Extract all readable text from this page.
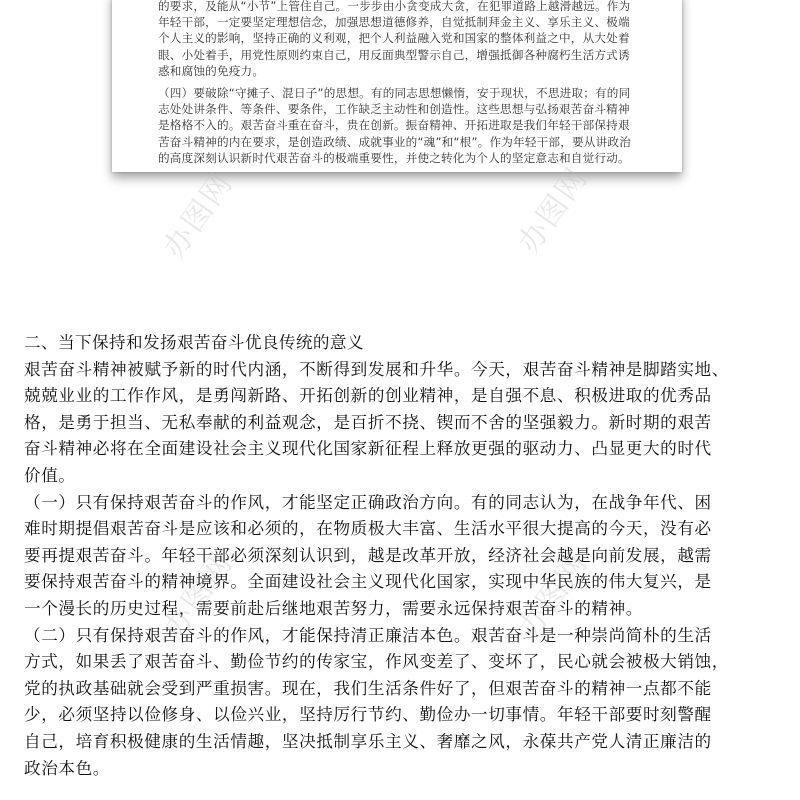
的要求，及能从“小节”上管住自己。一步步由小贪变成大贪，在犯罪道路上越滑越远。作为

年轻干部，一定要坚定理想信念，加强思想道德修养，自觉抵制拜金主义、享乐主义、极端

个人主义的影响，坚持正确的义利观，把个人利益融入党和国家的整体利益之中，从大处着

眼、小处着手，用党性原则约束自己，用反面典型警示自己，增强抵御各种腐朽生活方式诱

惑和腐蚀的免疫力。

（四）要破除“守摊子、混日子”的思想。有的同志思想懒惰，安于现状，不思进取；有的同

志处处讲条件、等条件、要条件，工作缺乏主动性和创造性。这些思想与弘扬艰苦奋斗精神

是格格不入的。艰苦奋斗重在奋斗，贵在创新。振奋精神、开拓进取是我们年轻干部保持艰

苦奋斗精神的内在要求，是创造政绩、成就事业的“魂”和“根”。作为年轻干部，要从讲政治

的高度深刻认识新时代艰苦奋斗的极端重要性，并使之转化为个人的坚定意志和自觉行动。

办图网	办图网
办图网	办图网

二、当下保持和发扬艰苦奋斗优良传统的意义

艰苦奋斗精神被赋予新的时代内涵，不断得到发展和升华。今天，艰苦奋斗精神是脚踏实地、

兢兢业业的工作作风，是勇闯新路、开拓创新的创业精神，是自强不息、积极进取的优秀品

格，是勇于担当、无私奉献的利益观念，是百折不挠、锲而不舍的坚强毅力。新时期的艰苦

奋斗精神必将在全面建设社会主义现代化国家新征程上释放更强的驱动力、凸显更大的时代

价值。

（一）只有保持艰苦奋斗的作风，才能坚定正确政治方向。有的同志认为，在战争年代、困

难时期提倡艰苦奋斗是应该和必须的，在物质极大丰富、生活水平很大提高的今天，没有必

要再提艰苦奋斗。年轻干部必须深刻认识到，越是改革开放，经济社会越是向前发展，越需

要保持艰苦奋斗的精神境界。全面建设社会主义现代化国家，实现中华民族的伟大复兴，是

一个漫长的历史过程，需要前赴后继地艰苦努力，需要永远保持艰苦奋斗的精神。

（二）只有保持艰苦奋斗的作风，才能保持清正廉洁本色。艰苦奋斗是一种崇尚简朴的生活

方式，如果丢了艰苦奋斗、勤俭节约的传家宝，作风变差了、变坏了，民心就会被极大销蚀，

党的执政基础就会受到严重损害。现在，我们生活条件好了，但艰苦奋斗的精神一点都不能

少，必须坚持以俭修身、以俭兴业，坚持厉行节约、勤俭办一切事情。年轻干部要时刻警醒

自己，培育积极健康的生活情趣，坚决抵制享乐主义、奢靡之风，永葆共产党人清正廉洁的

政治本色。
